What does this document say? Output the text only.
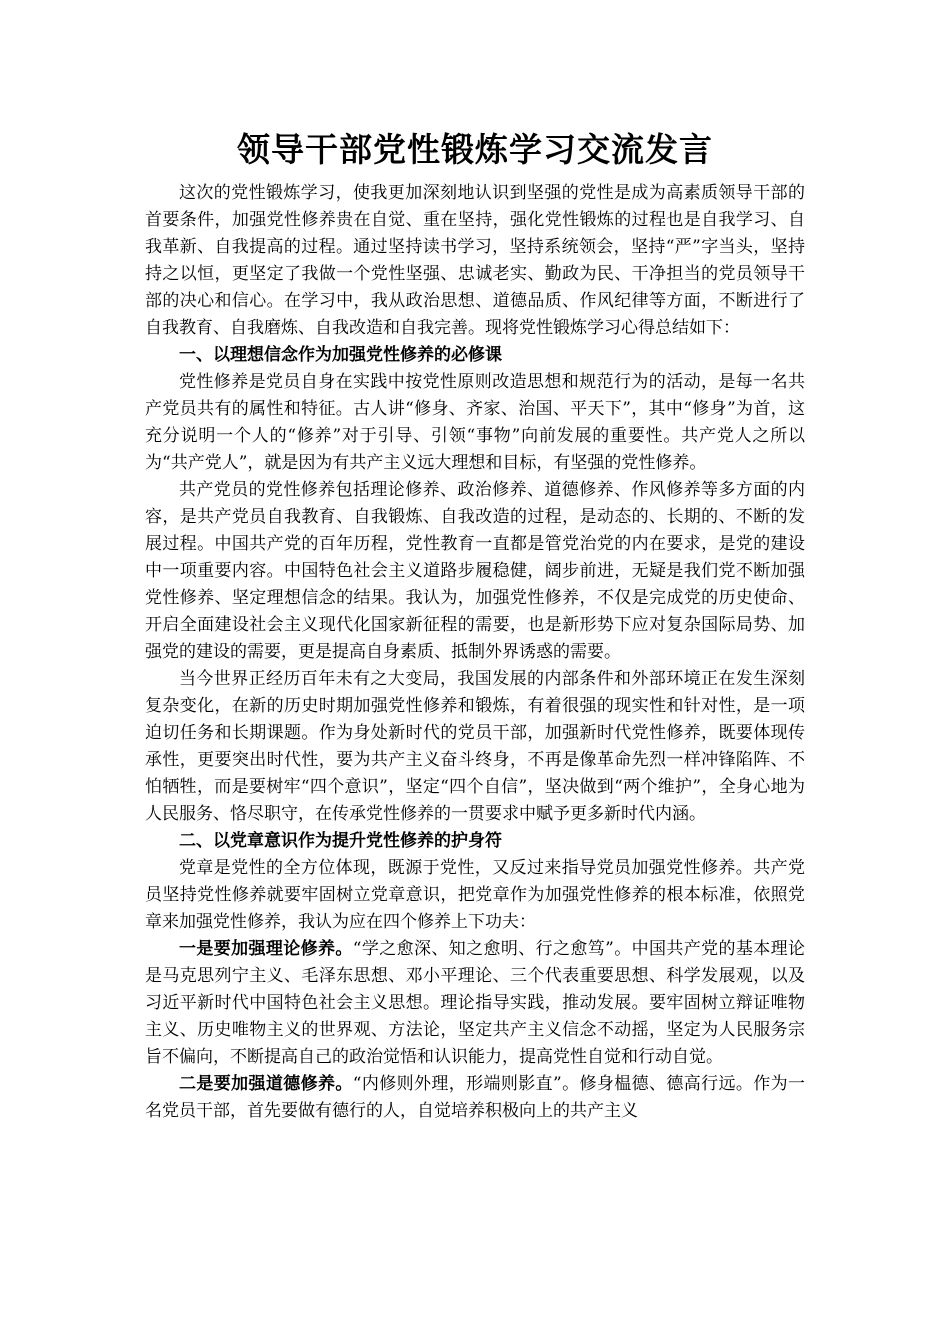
领导干部党性锻炼学习交流发言

这次的党性锻炼学习，使我更加深刻地认识到坚强的党性是成为高素质领导干部的首要条件，加强党性修养贵在自觉、重在坚持，强化党性锻炼的过程也是自我学习、自我革新、自我提高的过程。通过坚持读书学习，坚持系统领会，坚持“严”字当头，坚持持之以恒，更坚定了我做一个党性坚强、忠诚老实、勤政为民、干净担当的党员领导干部的决心和信心。在学习中，我从政治思想、道德品质、作风纪律等方面，不断进行了自我教育、自我磨炼、自我改造和自我完善。现将党性锻炼学习心得总结如下：

一、以理想信念作为加强党性修养的必修课

党性修养是党员自身在实践中按党性原则改造思想和规范行为的活动，是每一名共产党员共有的属性和特征。古人讲“修身、齐家、治国、平天下”，其中“修身”为首，这充分说明一个人的“修养”对于引导、引领“事物”向前发展的重要性。共产党人之所以为“共产党人”，就是因为有共产主义远大理想和目标，有坚强的党性修养。

共产党员的党性修养包括理论修养、政治修养、道德修养、作风修养等多方面的内容，是共产党员自我教育、自我锻炼、自我改造的过程，是动态的、长期的、不断的发展过程。中国共产党的百年历程，党性教育一直都是管党治党的内在要求，是党的建设中一项重要内容。中国特色社会主义道路步履稳健，阔步前进，无疑是我们党不断加强党性修养、坚定理想信念的结果。我认为，加强党性修养，不仅是完成党的历史使命、开启全面建设社会主义现代化国家新征程的需要，也是新形势下应对复杂国际局势、加强党的建设的需要，更是提高自身素质、抵制外界诱惑的需要。

当今世界正经历百年未有之大变局，我国发展的内部条件和外部环境正在发生深刻复杂变化，在新的历史时期加强党性修养和锻炼，有着很强的现实性和针对性，是一项迫切任务和长期课题。作为身处新时代的党员干部，加强新时代党性修养，既要体现传承性，更要突出时代性，要为共产主义奋斗终身，不再是像革命先烈一样冲锋陷阵、不怕牺牲，而是要树牢“四个意识”，坚定“四个自信”，坚决做到“两个维护”，全身心地为人民服务、恪尽职守，在传承党性修养的一贯要求中赋予更多新时代内涵。

二、以党章意识作为提升党性修养的护身符

党章是党性的全方位体现，既源于党性，又反过来指导党员加强党性修养。共产党员坚持党性修养就要牢固树立党章意识，把党章作为加强党性修养的根本标准，依照党章来加强党性修养，我认为应在四个修养上下功夫：

一是要加强理论修养。“学之愈深、知之愈明、行之愈笃”。中国共产党的基本理论是马克思列宁主义、毛泽东思想、邓小平理论、三个代表重要思想、科学发展观，以及习近平新时代中国特色社会主义思想。理论指导实践，推动发展。要牢固树立辩证唯物主义、历史唯物主义的世界观、方法论，坚定共产主义信念不动摇，坚定为人民服务宗旨不偏向，不断提高自己的政治觉悟和认识能力，提高党性自觉和行动自觉。

二是要加强道德修养。“内修则外理，形端则影直”。修身榅德、德高行远。作为一名党员干部，首先要做有德行的人，自觉培养积极向上的共产主义
